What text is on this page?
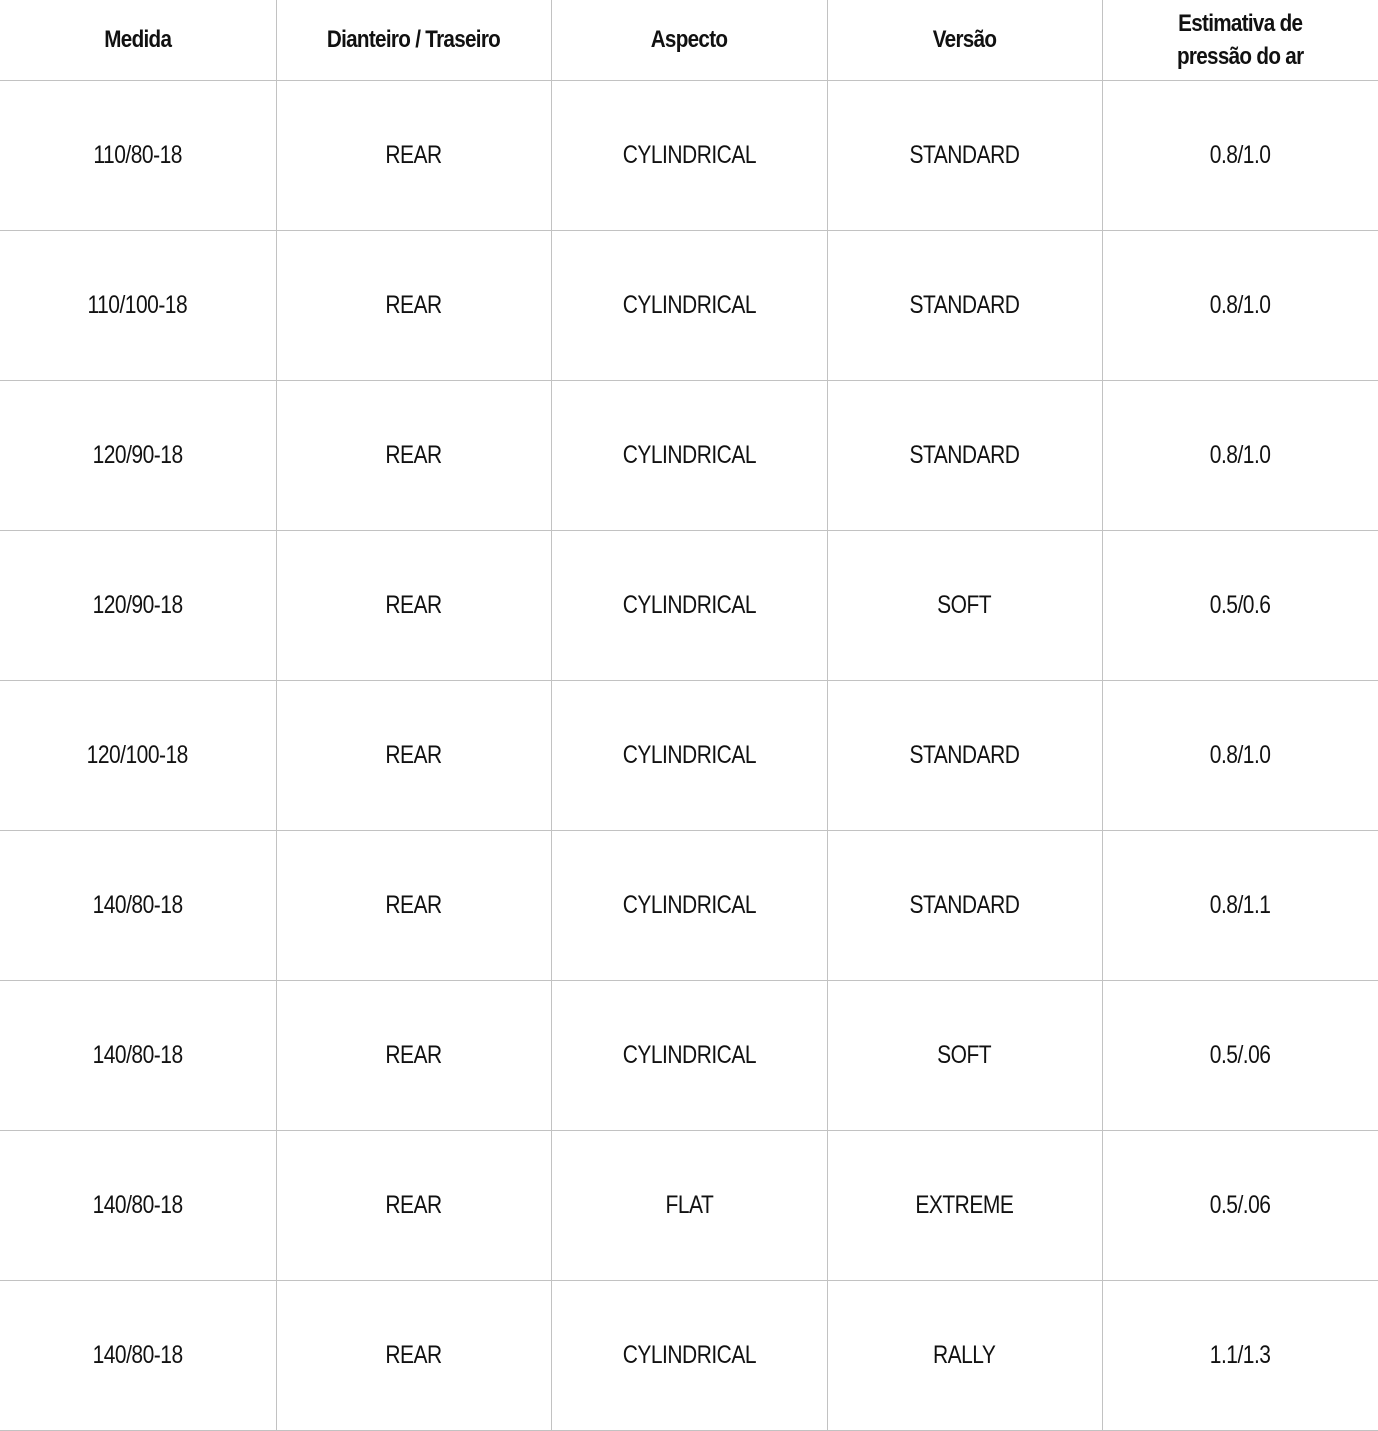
Medida	Dianteiro / Traseiro	Aspecto	Versão	Estimativa de pressão do ar
110/80-18	REAR	CYLINDRICAL	STANDARD	0.8/1.0
110/100-18	REAR	CYLINDRICAL	STANDARD	0.8/1.0
120/90-18	REAR	CYLINDRICAL	STANDARD	0.8/1.0
120/90-18	REAR	CYLINDRICAL	SOFT	0.5/0.6
120/100-18	REAR	CYLINDRICAL	STANDARD	0.8/1.0
140/80-18	REAR	CYLINDRICAL	STANDARD	0.8/1.1
140/80-18	REAR	CYLINDRICAL	SOFT	0.5/.06
140/80-18	REAR	FLAT	EXTREME	0.5/.06
140/80-18	REAR	CYLINDRICAL	RALLY	1.1/1.3
